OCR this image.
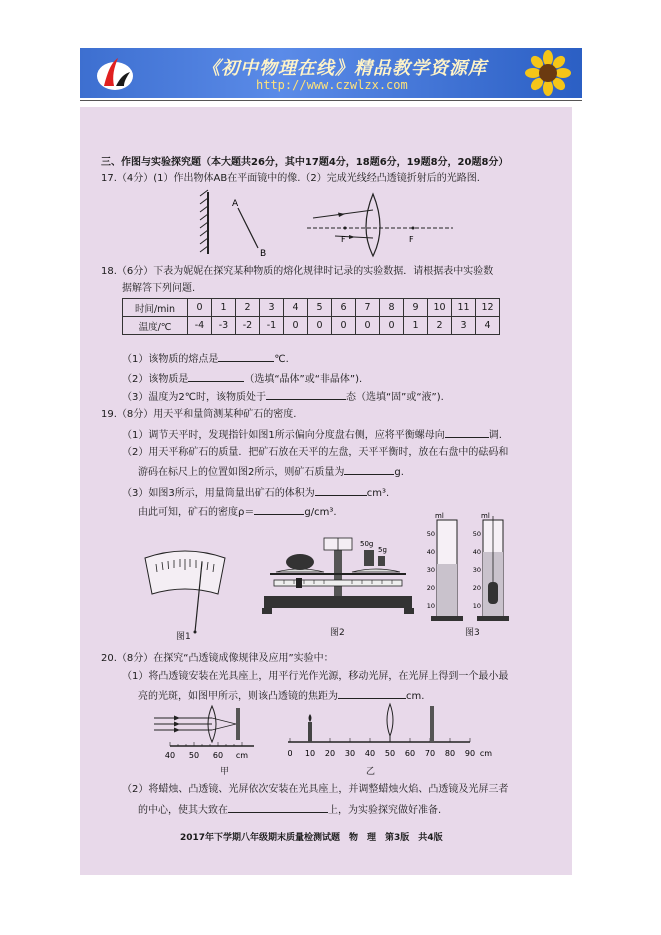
《初中物理在线》精品教学资源库
http://www.czwlzx.com
三、作图与实验探究题（本大题共26分，其中17题4分，18题6分，19题8分，20题8分）
17.（4分）(1）作出物体AB在平面镜中的像.（2）完成光线经凸透镜折射后的光路图.
A
B
F	F
18.（6分）下表为妮妮在探究某种物质的熔化规律时记录的实验数据．请根据表中实验数
据解答下列问题.
时间/min	0	1	2	3	4	5	6	7	8	9	10	11	12
温度/℃	-4	-3	-2	-1	0	0	0	0	0	1	2	3	4
（1）该物质的熔点是	℃.
（2）该物质是	（选填“晶体”或“非晶体”).
（3）温度为2℃时，该物质处于	态（选填“固”或“液”).
19.（8分）用天平和量筒测某种矿石的密度.
（1）调节天平时，发现指针如图1所示偏向分度盘右侧，应将平衡螺母向	调.
（2）用天平称矿石的质量．把矿石放在天平的左盘，天平平衡时，放在右盘中的砝码和
游码在标尺上的位置如图2所示，则矿石质量为	g.
（3）如图3所示，用量筒量出矿石的体积为	cm³.
由此可知，矿石的密度ρ＝	g/cm³.
图1
50g
5g
图2
ml
50
40
30
20
10
ml
50
40
30
20
10
图3
20.（8分）在探究“凸透镜成像规律及应用”实验中：
（1）将凸透镜安装在光具座上，用平行光作光源，移动光屏，在光屏上得到一个最小最
亮的光斑，如图甲所示，则该凸透镜的焦距为	cm.
40 50 60 cm
甲
0 10 20 30 40 50 60 70 80 90 cm
乙
（2）将蜡烛、凸透镜、光屏依次安装在光具座上，并调整蜡烛火焰、凸透镜及光屏三者
的中心，使其大致在	上，为实验探究做好准备.
2017年下学期八年级期末质量检测试题　物　理　第3版　共4版
